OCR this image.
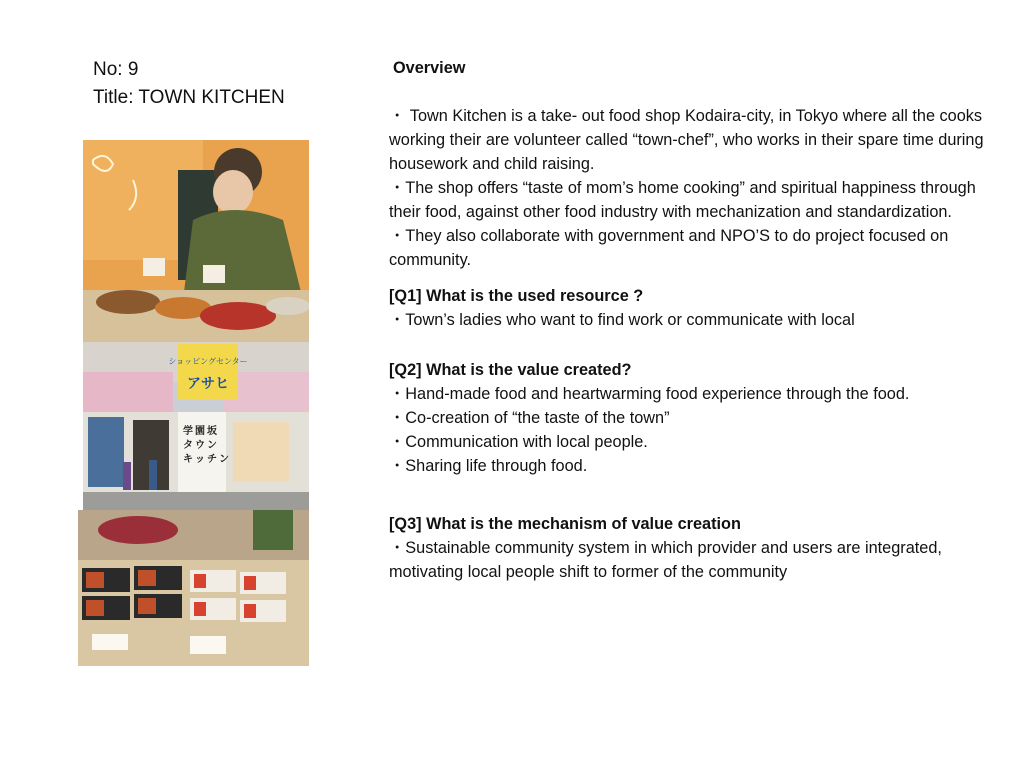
No: 9
Title: TOWN KITCHEN
ショッピングセンター
アサヒ
学 園 坂
タ ウ ン
キ ッ チ ン
Overview

・ Town Kitchen is a take- out food shop Kodaira-city, in Tokyo where all the cooks working their are volunteer called “town-chef”, who works in their spare time during housework and child raising.

・The shop offers “taste of mom’s home cooking” and spiritual happiness through their food, against other food industry with mechanization and standardization.

・They also collaborate with government and NPO’S to do project focused on community.

[Q1] What is the used resource ?
・Town’s ladies who want to find work or communicate with local
[Q2] What is the value created?
・Hand-made food and heartwarming food experience through the food.
・Co-creation of “the taste of the town”
・Communication with local people.
・Sharing life through food.
[Q3] What is the mechanism of value creation
・Sustainable community system in which provider and users are integrated, motivating local people shift to former of the community
